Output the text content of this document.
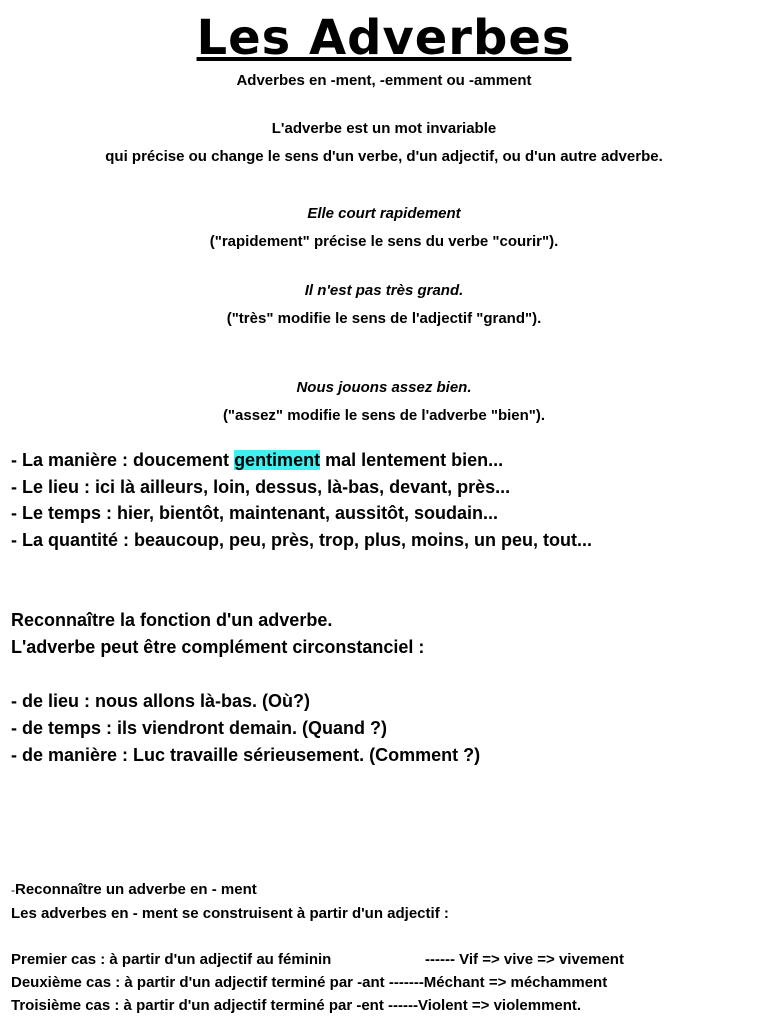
Les Adverbes
Adverbes en -ment, -emment ou -amment
L'adverbe est un mot invariable
qui précise ou change le sens d'un verbe, d'un adjectif, ou d'un autre adverbe.
Elle court rapidement
("rapidement" précise le sens du verbe "courir").
Il n'est pas très grand.
("très" modifie le sens de l'adjectif "grand").
Nous jouons assez bien.
("assez" modifie le sens de l'adverbe "bien").
- La manière : doucement gentiment mal lentement bien...
- Le lieu : ici là ailleurs, loin, dessus, là-bas, devant, près...
- Le temps : hier, bientôt, maintenant, aussitôt, soudain...
- La quantité : beaucoup, peu, près, trop, plus, moins, un peu, tout...
Reconnaître la fonction d'un adverbe.
L'adverbe peut être complément circonstanciel :
- de lieu : nous allons là-bas. (Où?)
- de temps : ils viendront demain. (Quand ?)
- de manière : Luc travaille sérieusement. (Comment ?)
-Reconnaître un adverbe en - ment
Les adverbes en - ment se construisent à partir d'un adjectif :
Premier cas : à partir d'un adjectif au féminin	------ Vif => vive => vivement
Deuxième cas : à partir d'un adjectif terminé par -ant -------Méchant => méchamment
Troisième cas : à partir d'un adjectif terminé par -ent ------Violent => violemment.
